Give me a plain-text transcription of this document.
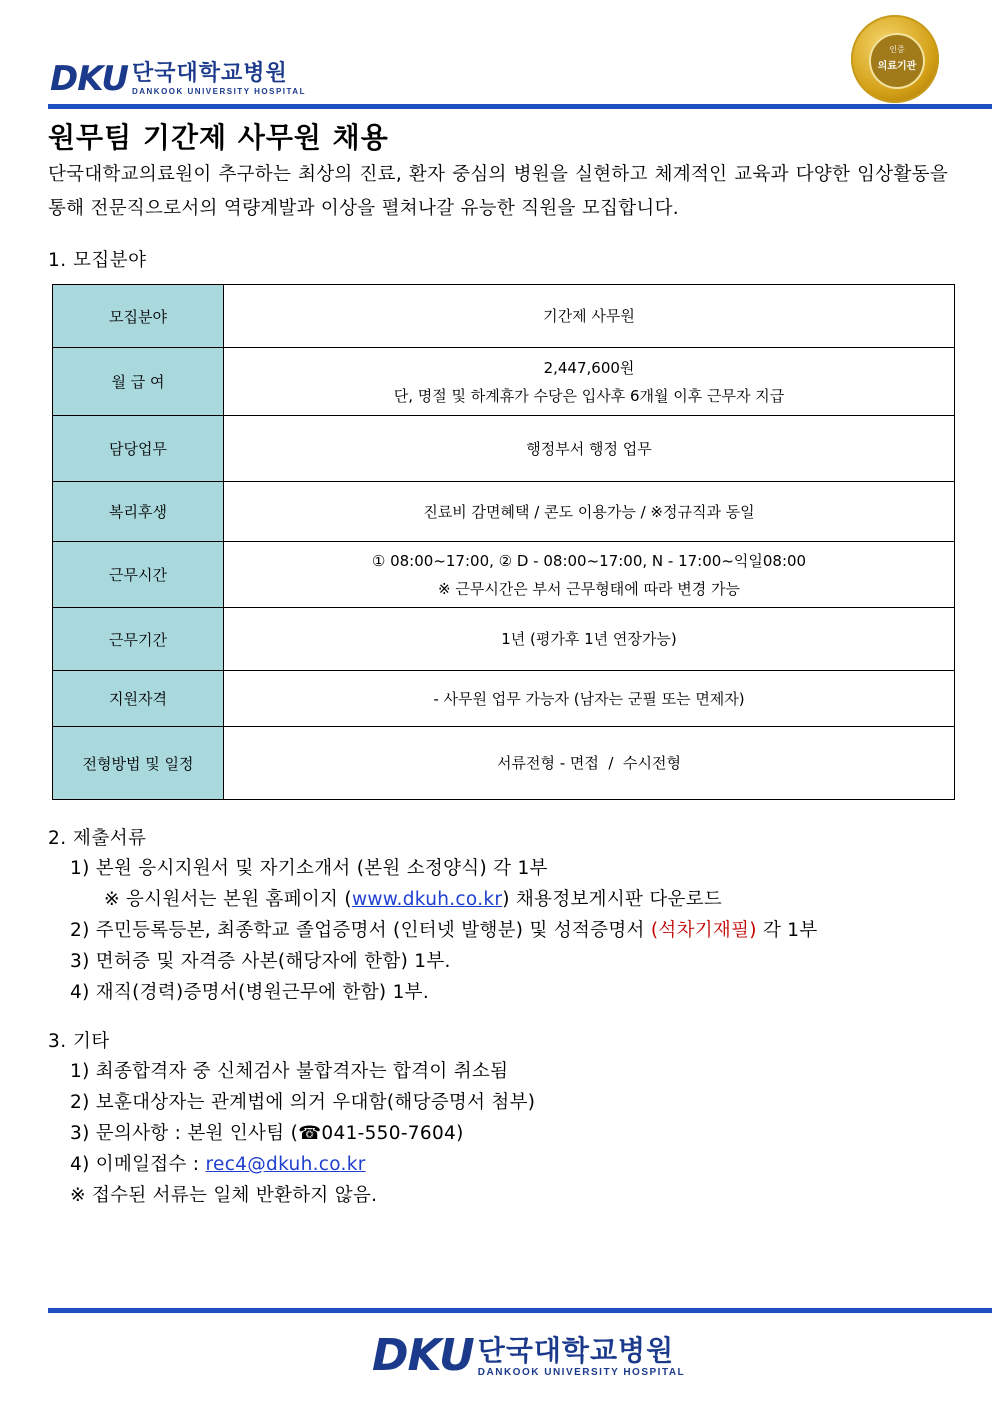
DKU 단국대학교병원
DANKOOK UNIVERSITY HOSPITAL
인증
의료기관
원무팀 기간제 사무원 채용
단국대학교의료원이 추구하는 최상의 진료, 환자 중심의 병원을 실현하고 체계적인 교육과 다양한 임상활동을 통해 전문직으로서의 역량계발과 이상을 펼쳐나갈 유능한 직원을 모집합니다.
1. 모집분야
모집분야	기간제 사무원

월 급 여	2,447,600원
단, 명절 및 하계휴가 수당은 입사후 6개월 이후 근무자 지급

담당업무	행정부서 행정 업무

복리후생	진료비 감면혜택 / 콘도 이용가능 / ※정규직과 동일

근무시간	① 08:00~17:00, ② D - 08:00~17:00, N - 17:00~익일08:00
※ 근무시간은 부서 근무형태에 따라 변경 가능

근무기간	1년 (평가후 1년 연장가능)

지원자격	- 사무원 업무 가능자 (남자는 군필 또는 면제자)

전형방법 및 일정	서류전형 - 면접  /  수시전형
2. 제출서류
1) 본원 응시지원서 및 자기소개서 (본원 소정양식) 각 1부
※ 응시원서는 본원 홈페이지 (www.dkuh.co.kr) 채용정보게시판 다운로드
2) 주민등록등본, 최종학교 졸업증명서 (인터넷 발행분) 및 성적증명서 (석차기재필) 각 1부
3) 면허증 및 자격증 사본(해당자에 한함) 1부.
4) 재직(경력)증명서(병원근무에 한함) 1부.
3. 기타
1) 최종합격자 중 신체검사 불합격자는 합격이 취소됨
2) 보훈대상자는 관계법에 의거 우대함(해당증명서 첨부)
3) 문의사항 : 본원 인사팀 (☎041-550-7604)
4) 이메일접수 : rec4@dkuh.co.kr
※ 접수된 서류는 일체 반환하지 않음.
DKU 단국대학교병원
DANKOOK UNIVERSITY HOSPITAL
